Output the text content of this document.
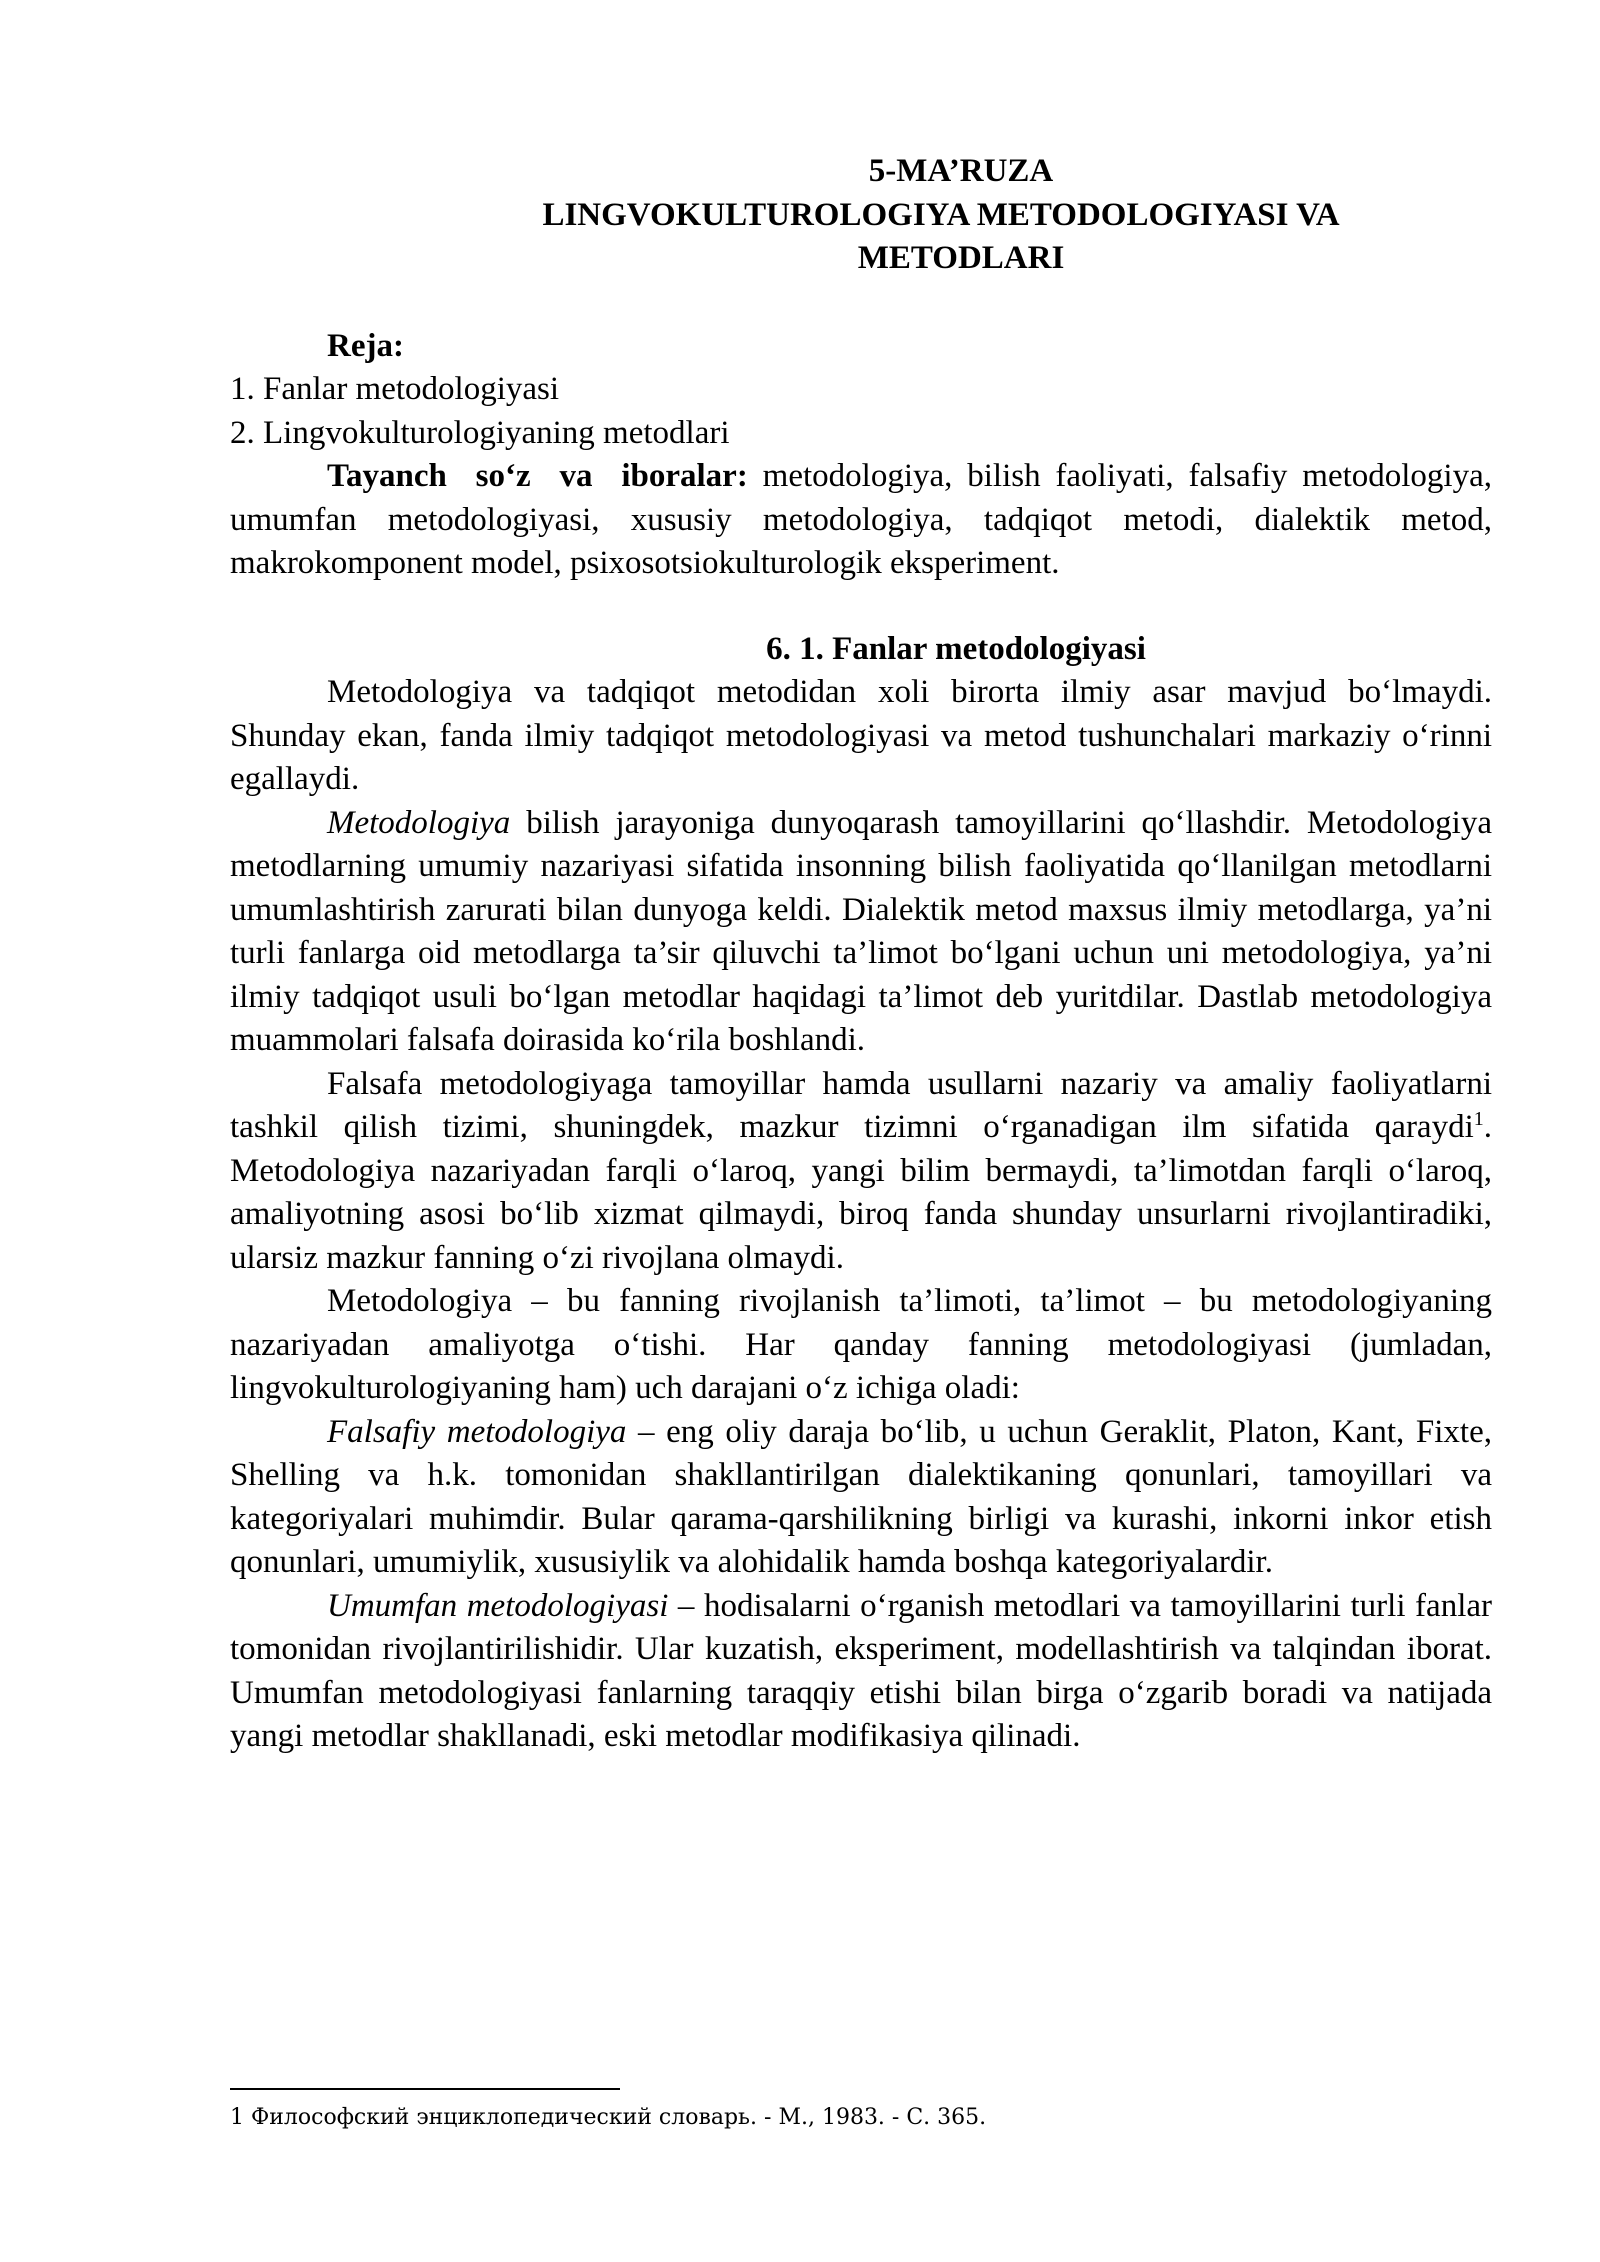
5-MA’RUZA
LINGVOKULTUROLOGIYA METODOLOGIYASI VA
METODLARI
Reja:
1. Fanlar metodologiyasi
2. Lingvokulturologiyaning metodlari

Tayanch so‘z va iboralar: metodologiya, bilish faoliyati, falsafiy metodologiya, umumfan metodologiyasi, xususiy metodologiya, tadqiqot metodi, dialektik metod, makrokomponent model, psixosotsiokulturologik eksperiment.

6. 1. Fanlar metodologiyasi

Metodologiya va tadqiqot metodidan xoli birorta ilmiy asar mavjud bo‘lmaydi. Shunday ekan, fanda ilmiy tadqiqot metodologiyasi va metod tushunchalari markaziy o‘rinni egallaydi.

Metodologiya bilish jarayoniga dunyoqarash tamoyillarini qo‘llashdir. Metodologiya metodlarning umumiy nazariyasi sifatida insonning bilish faoliyatida qo‘llanilgan metodlarni umumlashtirish zarurati bilan dunyoga keldi. Dialektik metod maxsus ilmiy metodlarga, ya’ni turli fanlarga oid metodlarga ta’sir qiluvchi ta’limot bo‘lgani uchun uni metodologiya, ya’ni ilmiy tadqiqot usuli bo‘lgan metodlar haqidagi ta’limot deb yuritdilar. Dastlab metodologiya muammolari falsafa doirasida ko‘rila boshlandi.

Falsafa metodologiyaga tamoyillar hamda usullarni nazariy va amaliy faoliyatlarni tashkil qilish tizimi, shuningdek, mazkur tizimni o‘rganadigan ilm sifatida qaraydi$^1$. Metodologiya nazariyadan farqli o‘laroq, yangi bilim bermaydi, ta’limotdan farqli o‘laroq, amaliyotning asosi bo‘lib xizmat qilmaydi, biroq fanda shunday unsurlarni rivojlantiradiki, ularsiz mazkur fanning o‘zi rivojlana olmaydi.

Metodologiya – bu fanning rivojlanish ta’limoti, ta’limot – bu metodologiyaning nazariyadan amaliyotga o‘tishi. Har qanday fanning metodologiyasi (jumladan, lingvokulturologiyaning ham) uch darajani o‘z ichiga oladi:

Falsafiy metodologiya – eng oliy daraja bo‘lib, u uchun Geraklit, Platon, Kant, Fixte, Shelling va h.k. tomonidan shakllantirilgan dialektikaning qonunlari, tamoyillari va kategoriyalari muhimdir. Bular qarama-qarshilikning birligi va kurashi, inkorni inkor etish qonunlari, umumiylik, xususiylik va alohidalik hamda boshqa kategoriyalardir.

Umumfan metodologiyasi – hodisalarni o‘rganish metodlari va tamoyillarini turli fanlar tomonidan rivojlantirilishidir. Ular kuzatish, eksperiment, modellashtirish va talqindan iborat. Umumfan metodologiyasi fanlarning taraqqiy etishi bilan birga o‘zgarib boradi va natijada yangi metodlar shakllanadi, eski metodlar modifikasiya qilinadi.

1 Философский энциклопедический словарь. - М., 1983. - С. 365.
